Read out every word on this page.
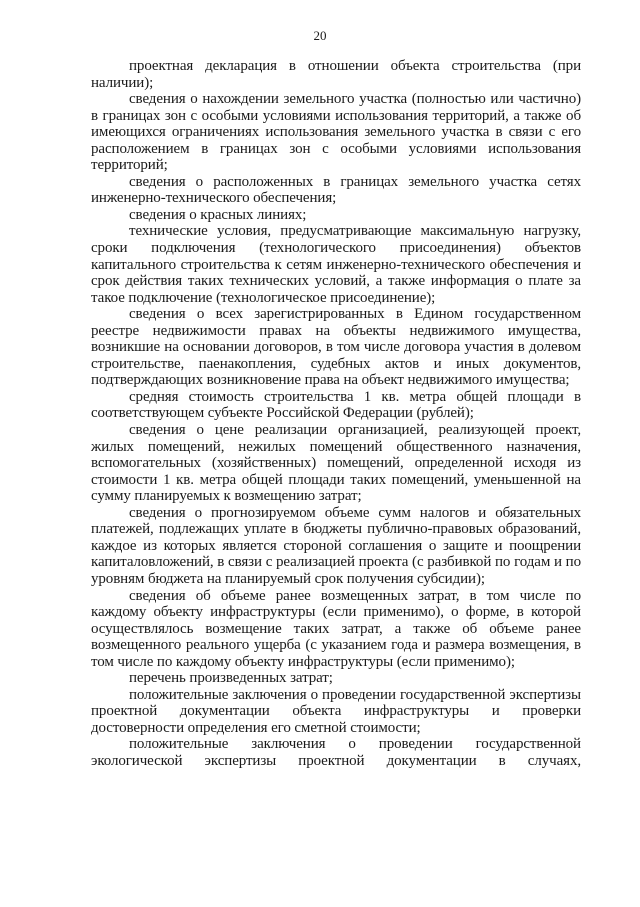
20

проектная декларация в отношении объекта строительства (при наличии);

сведения о нахождении земельного участка (полностью или частично) в границах зон с особыми условиями использования территорий, а также об имеющихся ограничениях использования земельного участка в связи с его расположением в границах зон с особыми условиями использования территорий;

сведения о расположенных в границах земельного участка сетях инженерно-технического обеспечения;

сведения о красных линиях;

технические условия, предусматривающие максимальную нагрузку, сроки подключения (технологического присоединения) объектов капитального строительства к сетям инженерно-технического обеспечения и срок действия таких технических условий, а также информация о плате за такое подключение (технологическое присоединение);

сведения о всех зарегистрированных в Едином государственном реестре недвижимости правах на объекты недвижимого имущества, возникшие на основании договоров, в том числе договора участия в долевом строительстве, паенакопления, судебных актов и иных документов, подтверждающих возникновение права на объект недвижимого имущества;

средняя стоимость строительства 1 кв. метра общей площади в соответствующем субъекте Российской Федерации (рублей);

сведения о цене реализации организацией, реализующей проект, жилых помещений, нежилых помещений общественного назначения, вспомогательных (хозяйственных) помещений, определенной исходя из стоимости 1 кв. метра общей площади таких помещений, уменьшенной на сумму планируемых к возмещению затрат;

сведения о прогнозируемом объеме сумм налогов и обязательных платежей, подлежащих уплате в бюджеты публично-правовых образований, каждое из которых является стороной соглашения о защите и поощрении капиталовложений, в связи с реализацией проекта (с разбивкой по годам и по уровням бюджета на планируемый срок получения субсидии);

сведения об объеме ранее возмещенных затрат, в том числе по каждому объекту инфраструктуры (если применимо), о форме, в которой осуществлялось возмещение таких затрат, а также об объеме ранее возмещенного реального ущерба (с указанием года и размера возмещения, в том числе по каждому объекту инфраструктуры (если применимо);

перечень произведенных затрат;

положительные заключения о проведении государственной экспертизы проектной документации объекта инфраструктуры и проверки достоверности определения его сметной стоимости;

положительные заключения о проведении государственной экологической экспертизы проектной документации в случаях,
